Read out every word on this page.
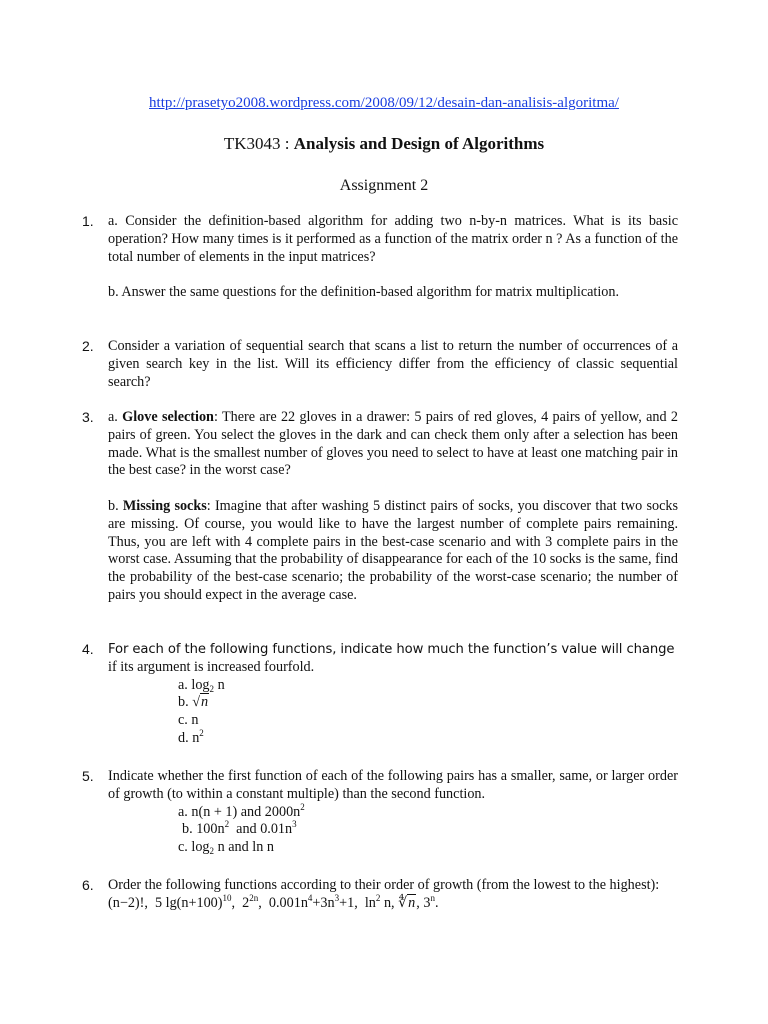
http://prasetyo2008.wordpress.com/2008/09/12/desain-dan-analisis-algoritma/
TK3043 : Analysis and Design of Algorithms
Assignment 2
1. a. Consider the definition-based algorithm for adding two n-by-n matrices. What is its basic operation? How many times is it performed as a function of the matrix order n ? As a function of the total number of elements in the input matrices?

b. Answer the same questions for the definition-based algorithm for matrix multiplication.

2. Consider a variation of sequential search that scans a list to return the number of occurrences of a given search key in the list. Will its efficiency differ from the efficiency of classic sequential search?

3. a. Glove selection: There are 22 gloves in a drawer: 5 pairs of red gloves, 4 pairs of yellow, and 2 pairs of green. You select the gloves in the dark and can check them only after a selection has been made. What is the smallest number of gloves you need to select to have at least one matching pair in the best case? in the worst case?

b. Missing socks: Imagine that after washing 5 distinct pairs of socks, you discover that two socks are missing. Of course, you would like to have the largest number of complete pairs remaining. Thus, you are left with 4 complete pairs in the best-case scenario and with 3 complete pairs in the worst case. Assuming that the probability of disappearance for each of the 10 socks is the same, find the probability of the best-case scenario; the probability of the worst-case scenario; the number of pairs you should expect in the average case.

4. For each of the following functions, indicate how much the function’s value will change

if its argument is increased fourfold.

a. $\log_2 n$

b. √n

c. n

d. $n^2$

5. Indicate whether the first function of each of the following pairs has a smaller, same, or larger order of growth (to within a constant multiple) than the second function.

a. n(n + 1) and $2000n^2$

b. $100n^2$  and $0.01n^3$

c. $\log_2 n$ and ln n

6. Order the following functions according to their order of growth (from the lowest to the highest):

(n−2)!,  5 $\lg(n+100)^{10}$,  $2^{2n}$,  $0.001n^4+3n^3+1$,  $\ln^2 n$, ∜n, 3$^n$.
